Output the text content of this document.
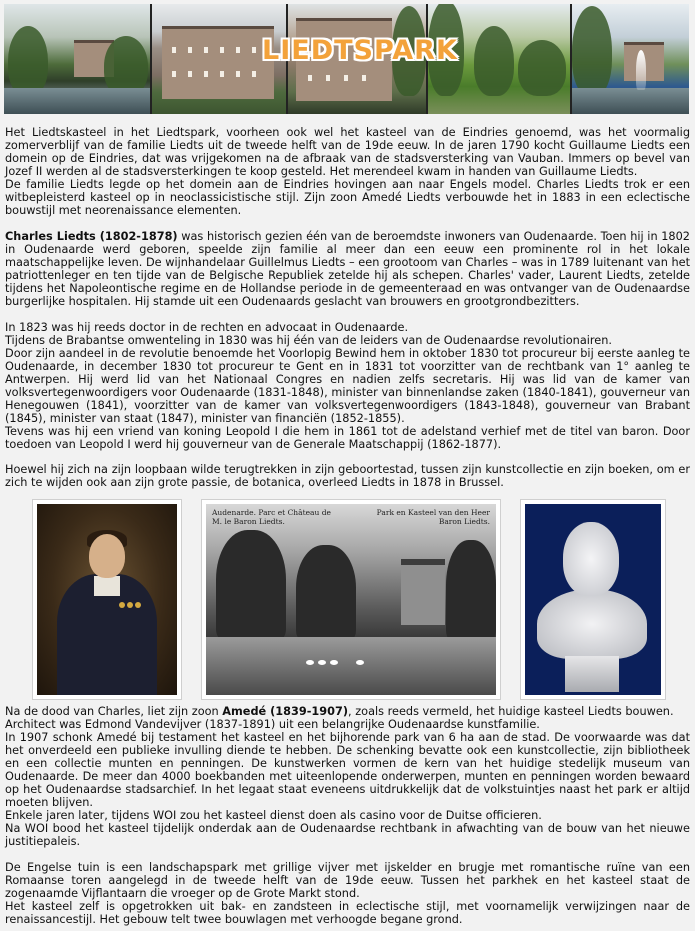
LIEDTSPARK

Het Liedtskasteel in het Liedtspark, voorheen ook wel het kasteel van de Eindries genoemd, was het voormalig zomerverblijf van de familie Liedts uit de tweede helft van de 19de eeuw. In de jaren 1790 kocht Guillaume Liedts een domein op de Eindries, dat was vrijgekomen na de afbraak van de stadsversterking van Vauban. Immers op bevel van Jozef II werden al de stadsversterkingen te koop gesteld. Het merendeel kwam in handen van Guillaume Liedts.

De familie Liedts legde op het domein aan de Eindries hovingen aan naar Engels model. Charles Liedts trok er een witbepleisterd kasteel op in neoclassicistische stijl. Zijn zoon Amedé Liedts verbouwde het in 1883 in een eclectische bouwstijl met neorenaissance elementen.

Charles Liedts (1802-1878) was historisch gezien één van de beroemdste inwoners van Oudenaarde. Toen hij in 1802 in Oudenaarde werd geboren, speelde zijn familie al meer dan een eeuw een prominente rol in het lokale maatschappelijke leven. De wijnhandelaar Guillelmus Liedts – een grootoom van Charles – was in 1789 luitenant van het patriottenleger en ten tijde van de Belgische Republiek zetelde hij als schepen. Charles' vader, Laurent Liedts, zetelde tijdens het Napoleontische regime en de Hollandse periode in de gemeenteraad en was ontvanger van de Oudenaardse burgerlijke hospitalen. Hij stamde uit een Oudenaards geslacht van brouwers en grootgrondbezitters.

In 1823 was hij reeds doctor in de rechten en advocaat in Oudenaarde.

Tijdens de Brabantse omwenteling in 1830 was hij één van de leiders van de Oudenaardse revolutionairen.

Door zijn aandeel in de revolutie benoemde het Voorlopig Bewind hem in oktober 1830 tot procureur bij eerste aanleg te Oudenaarde, in december 1830 tot procureur te Gent en in 1831 tot voorzitter van de rechtbank van 1° aanleg te Antwerpen. Hij werd lid van het Nationaal Congres en nadien zelfs secretaris. Hij was lid van de kamer van volksvertegenwoordigers voor Oudenaarde (1831-1848), minister van binnenlandse zaken (1840-1841), gouverneur van Henegouwen (1841), voorzitter van de kamer van volksvertegenwoordigers (1843-1848), gouverneur van Brabant (1845), minister van staat (1847), minister van financiën (1852-1855).

Tevens was hij een vriend van koning Leopold I die hem in 1861 tot de adelstand verhief met de titel van baron. Door toedoen van Leopold I werd hij gouverneur van de Generale Maatschappij (1862-1877).

Hoewel hij zich na zijn loopbaan wilde terugtrekken in zijn geboortestad, tussen zijn kunstcollectie en zijn boeken, om er zich te wijden ook aan zijn grote passie, de botanica, overleed Liedts in 1878 in Brussel.

Audenarde. Parc et Château de M. le Baron Liedts.
Park en Kasteel van den Heer Baron Liedts.

Na de dood van Charles, liet zijn zoon Amedé (1839-1907), zoals reeds vermeld, het huidige kasteel Liedts bouwen.

Architect was Edmond Vandevijver (1837-1891) uit een belangrijke Oudenaardse kunstfamilie.

In 1907 schonk Amedé bij testament het kasteel en het bijhorende park van 6 ha aan de stad. De voorwaarde was dat het onverdeeld een publieke invulling diende te hebben. De schenking bevatte ook een kunstcollectie, zijn bibliotheek en een collectie munten en penningen. De kunstwerken vormen de kern van het huidige stedelijk museum van Oudenaarde. De meer dan 4000 boekbanden met uiteenlopende onderwerpen, munten en penningen worden bewaard op het Oudenaardse stadsarchief. In het legaat staat eveneens uitdrukkelijk dat de volkstuintjes naast het park er altijd moeten blijven.

Enkele jaren later, tijdens WOI zou het kasteel dienst doen als casino voor de Duitse officieren.

Na WOI bood het kasteel tijdelijk onderdak aan de Oudenaardse rechtbank in afwachting van de bouw van het nieuwe justitiepaleis.

De Engelse tuin is een landschapspark met grillige vijver met ijskelder en brugje met romantische ruïne van een Romaanse toren aangelegd in de tweede helft van de 19de eeuw. Tussen het parkhek en het kasteel staat de zogenaamde Vijflantaarn die vroeger op de Grote Markt stond.

Het kasteel zelf is opgetrokken uit bak- en zandsteen in eclectische stijl, met voornamelijk verwijzingen naar de renaissancestijl. Het gebouw telt twee bouwlagen met verhoogde begane grond.
